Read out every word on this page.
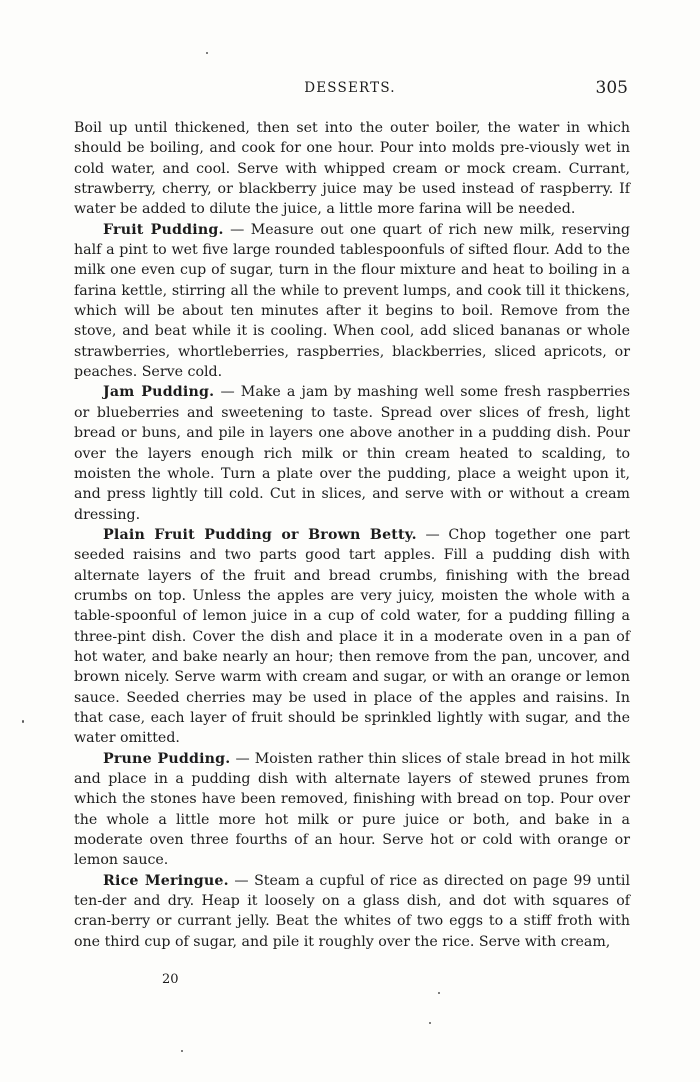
DESSERTS.	305

Boil up until thickened, then set into the outer boiler, the water in which should be boiling, and cook for one hour. Pour into molds pre-viously wet in cold water, and cool. Serve with whipped cream or mock cream. Currant, strawberry, cherry, or blackberry juice may be used instead of raspberry. If water be added to dilute the juice, a little more farina will be needed.

Fruit Pudding. — Measure out one quart of rich new milk, reserving half a pint to wet five large rounded tablespoonfuls of sifted flour. Add to the milk one even cup of sugar, turn in the flour mixture and heat to boiling in a farina kettle, stirring all the while to prevent lumps, and cook till it thickens, which will be about ten minutes after it begins to boil. Remove from the stove, and beat while it is cooling. When cool, add sliced bananas or whole strawberries, whortleberries, raspberries, blackberries, sliced apricots, or peaches. Serve cold.

Jam Pudding. — Make a jam by mashing well some fresh raspberries or blueberries and sweetening to taste. Spread over slices of fresh, light bread or buns, and pile in layers one above another in a pudding dish. Pour over the layers enough rich milk or thin cream heated to scalding, to moisten the whole. Turn a plate over the pudding, place a weight upon it, and press lightly till cold. Cut in slices, and serve with or without a cream dressing.

Plain Fruit Pudding or Brown Betty. — Chop together one part seeded raisins and two parts good tart apples. Fill a pudding dish with alternate layers of the fruit and bread crumbs, finishing with the bread crumbs on top. Unless the apples are very juicy, moisten the whole with a table-spoonful of lemon juice in a cup of cold water, for a pudding filling a three-pint dish. Cover the dish and place it in a moderate oven in a pan of hot water, and bake nearly an hour; then remove from the pan, uncover, and brown nicely. Serve warm with cream and sugar, or with an orange or lemon sauce. Seeded cherries may be used in place of the apples and raisins. In that case, each layer of fruit should be sprinkled lightly with sugar, and the water omitted.

Prune Pudding. — Moisten rather thin slices of stale bread in hot milk and place in a pudding dish with alternate layers of stewed prunes from which the stones have been removed, finishing with bread on top. Pour over the whole a little more hot milk or pure juice or both, and bake in a moderate oven three fourths of an hour. Serve hot or cold with orange or lemon sauce.

Rice Meringue. — Steam a cupful of rice as directed on page 99 until ten-der and dry. Heap it loosely on a glass dish, and dot with squares of cran-berry or currant jelly. Beat the whites of two eggs to a stiff froth with one third cup of sugar, and pile it roughly over the rice. Serve with cream,

20
